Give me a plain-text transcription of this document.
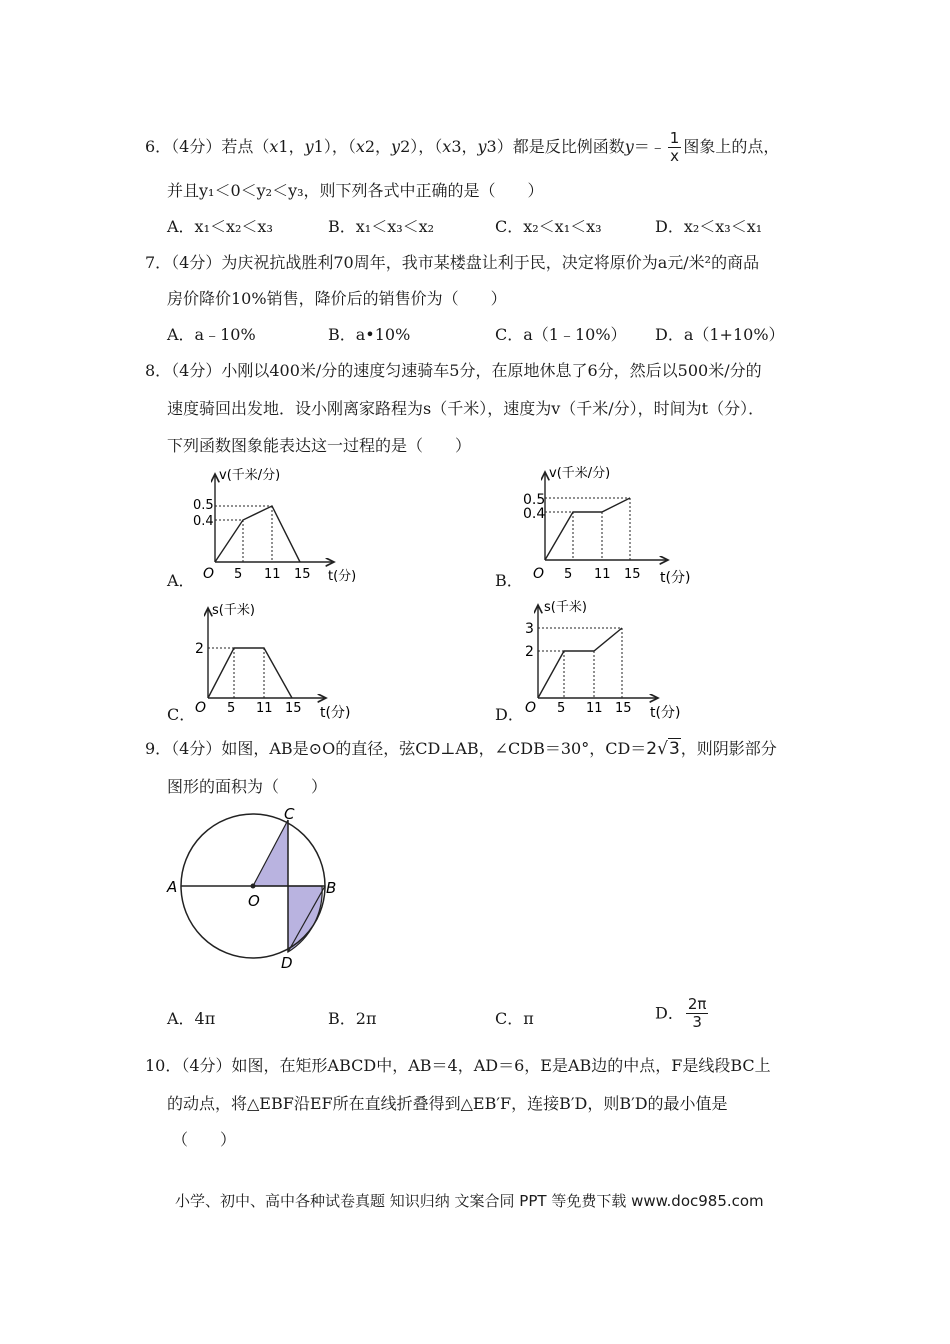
6．（4分）若点（x1，y1），（x2，y2），（x3，y3）都是反比例函数y＝﹣ $\frac{1}{x}$ 图象上的点，
并且y₁＜0＜y₂＜y₃，则下列各式中正确的是（　　）
A．x₁＜x₂＜x₃	B．x₁＜x₃＜x₂	C．x₂＜x₁＜x₃	D．x₂＜x₃＜x₁
7．（4分）为庆祝抗战胜利70周年，我市某楼盘让利于民，决定将原价为a元/米²的商品
房价降价10%销售，降价后的销售价为（　　）
A．a﹣10%	B．a•10%	C．a（1﹣10%） D．a（1+10%）
8．（4分）小刚以400米/分的速度匀速骑车5分，在原地休息了6分，然后以500米/分的
速度骑回出发地．设小刚离家路程为s（千米），速度为v（千米/分），时间为t（分）．
下列函数图象能表达这一过程的是（　　）
A．	B．
C．	D．
v(千米/分)
t(分)
O 5 11 15
0.5
0.4
v(千米/分)
t(分)
O 5 11 15
0.5
0.4
s(千米)
t(分)
O 5 11 15
2
s(千米)
t(分)
O 5 11 15
3
2
9．（4分）如图，AB是⊙O的直径，弦CD⊥AB，∠CDB＝30°，CD＝2√3，则阴影部分
图形的面积为（　　）
A	B
C
D
O
A．4π	B．2π	C．π	D． $\frac{2\pi}{3}$
10．（4分）如图，在矩形ABCD中，AB＝4，AD＝6，E是AB边的中点，F是线段BC上
的动点，将△EBF沿EF所在直线折叠得到△EB′F，连接B′D，则B′D的最小值是
（　　）
小学、初中、高中各种试卷真题 知识归纳 文案合同 PPT 等免费下载 www.doc985.com
